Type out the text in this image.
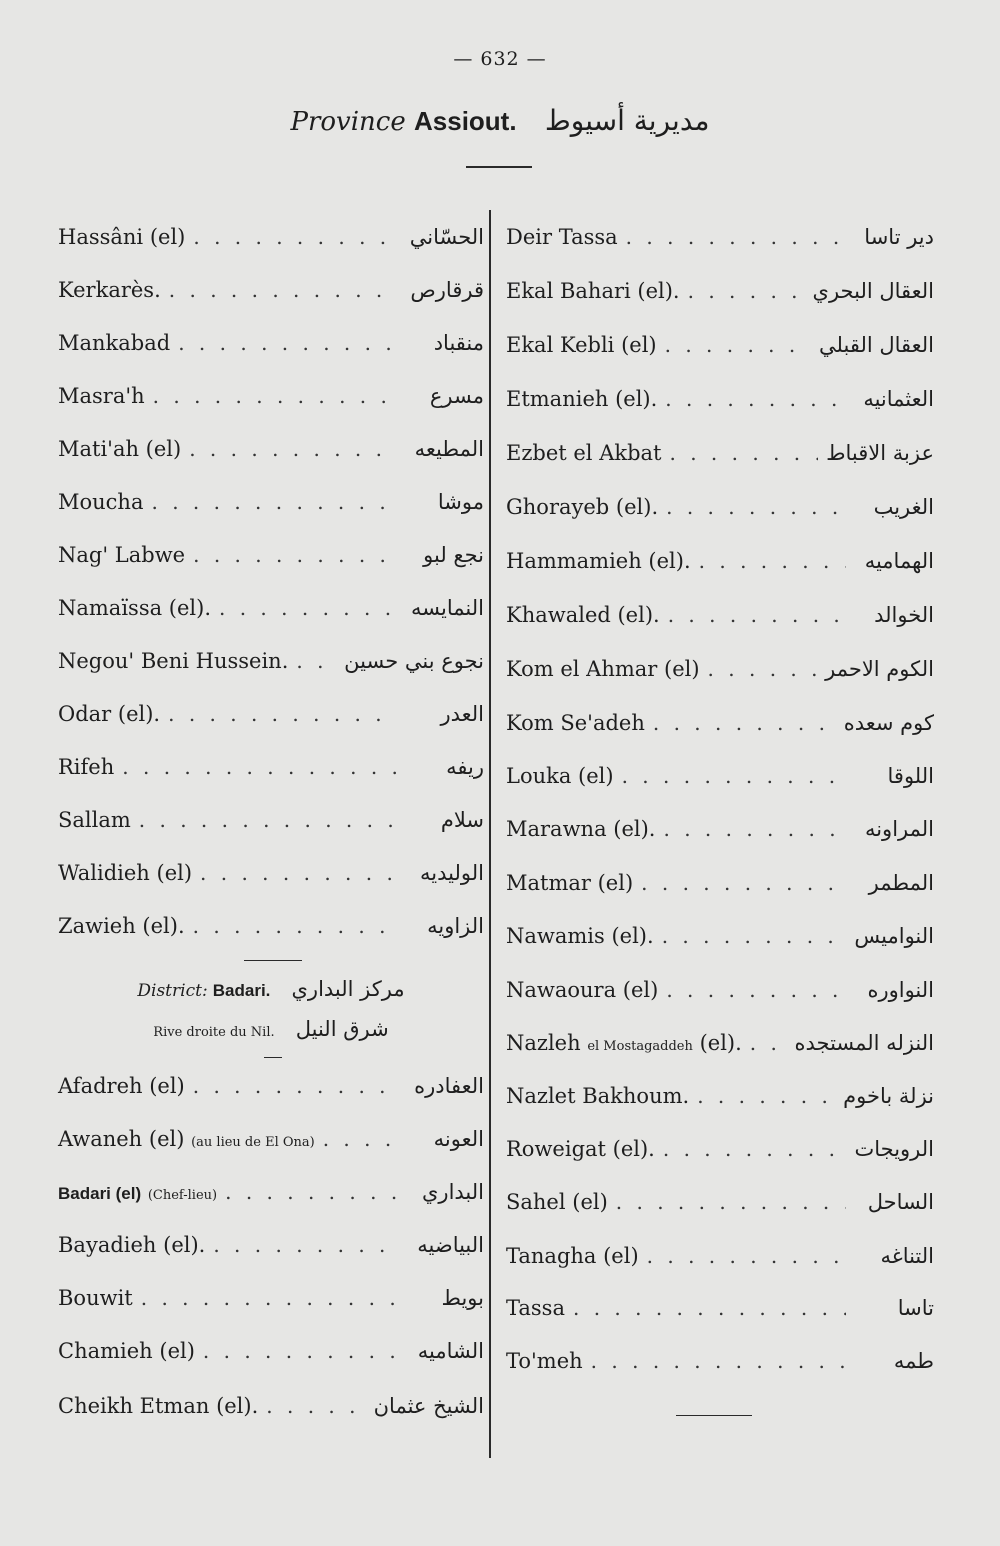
— 632 —
Province Assiout. مديرية أسيوط
Hassâni (el) . . .	الحسّاني
Kerkarès. . . .	قرقارص
Mankabad . . .	منقباد
Masra'h . . .	مسرع
Mati'ah (el) . . .	المطيعه
Moucha . . .	موشا
Nag' Labwe . . .	نجع لبو
Namaïssa (el). . . .	النمايسه
Negou' Beni Hussein. . . .	نجوع بني حسين
Odar (el). . . .	العدر
Rifeh . . .	ريفه
Sallam . . .	سلام
Walidieh (el) . . .	الوليديه
Zawieh (el). . . .	الزاويه
District: Badari. مركز البداري
Rive droite du Nil. شرق النيل
Afadreh (el) . . .	العفادره
Awaneh (el) (au lieu de El Ona) . . .	العونه
Badari (el) (Chef-lieu) . . .	البداري
Bayadieh (el). . . .	البياضيه
Bouwit . . .	بويط
Chamieh (el) . . .	الشاميه
Cheikh Etman (el). . . .	الشيخ عثمان
Deir Tassa . . .	دير تاسا
Ekal Bahari (el). . . .	العقال البحري
Ekal Kebli (el) . . .	العقال القبلي
Etmanieh (el). . . .	العثمانيه
Ezbet el Akbat . . .	عزبة الاقباط
Ghorayeb (el). . . .	الغريب
Hammamieh (el). . . .	الهماميه
Khawaled (el). . . .	الخوالد
Kom el Ahmar (el) . . .	الكوم الاحمر
Kom Se'adeh . . .	كوم سعده
Louka (el) . . .	اللوقا
Marawna (el). . . .	المراونه
Matmar (el) . . .	المطمر
Nawamis (el). . . .	النواميس
Nawaoura (el) . . .	النواوره
Nazleh el Mostagaddeh (el). . . .	النزله المستجده
Nazlet Bakhoum. . . .	نزلة باخوم
Roweigat (el). . . .	الرويجات
Sahel (el) . . .	الساحل
Tanagha (el) . . .	التناغه
Tassa . . .	تاسا
To'meh . . .	طمه
